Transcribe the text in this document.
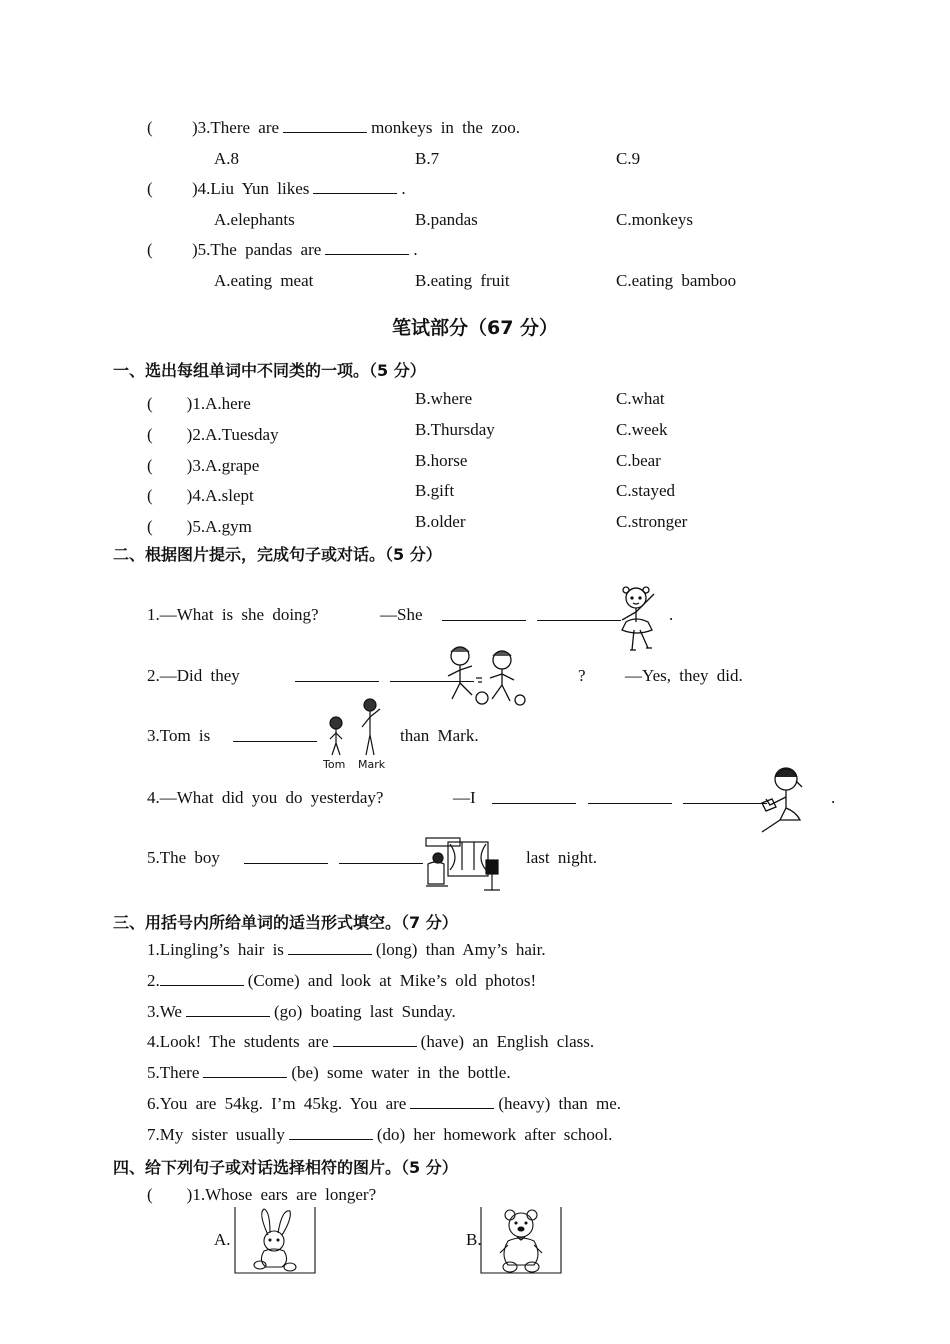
( )3.There are	monkeys in the zoo.
A.8	B.7	C.9
( )4.Liu Yun likes	.
A.elephants	B.pandas	C.monkeys
( )5.The pandas are	.
A.eating meat	B.eating fruit	C.eating bamboo
笔试部分（67 分）
一、选出每组单词中不同类的一项。（5 分）
(　　)1.A.here	B.where	C.what
(　　)2.A.Tuesday	B.Thursday	C.week
(　　)3.A.grape	B.horse	C.bear
(　　)4.A.slept	B.gift	C.stayed
(　　)5.A.gym	B.older	C.stronger
二、根据图片提示，完成句子或对话。（5 分）
1.—What is she doing?	—She	.
2.—Did they	? —Yes, they did.
3.Tom is	than Mark.
Tom Mark
4.—What did you do yesterday?	—I	.
5.The boy	last night.
三、用括号内所给单词的适当形式填空。（7 分）
1.Lingling’s hair is	(long) than Amy’s hair.
2.	(Come) and look at Mike’s old photos!
3.We	(go) boating last Sunday.
4.Look! The students are	(have) an English class.
5.There	(be) some water in the bottle.
6.You are 54kg. I’m 45kg. You are	(heavy) than me.
7.My sister usually	(do) her homework after school.
四、给下列句子或对话选择相符的图片。（5 分）
(　　)1.Whose ears are longer?
A.	B.
